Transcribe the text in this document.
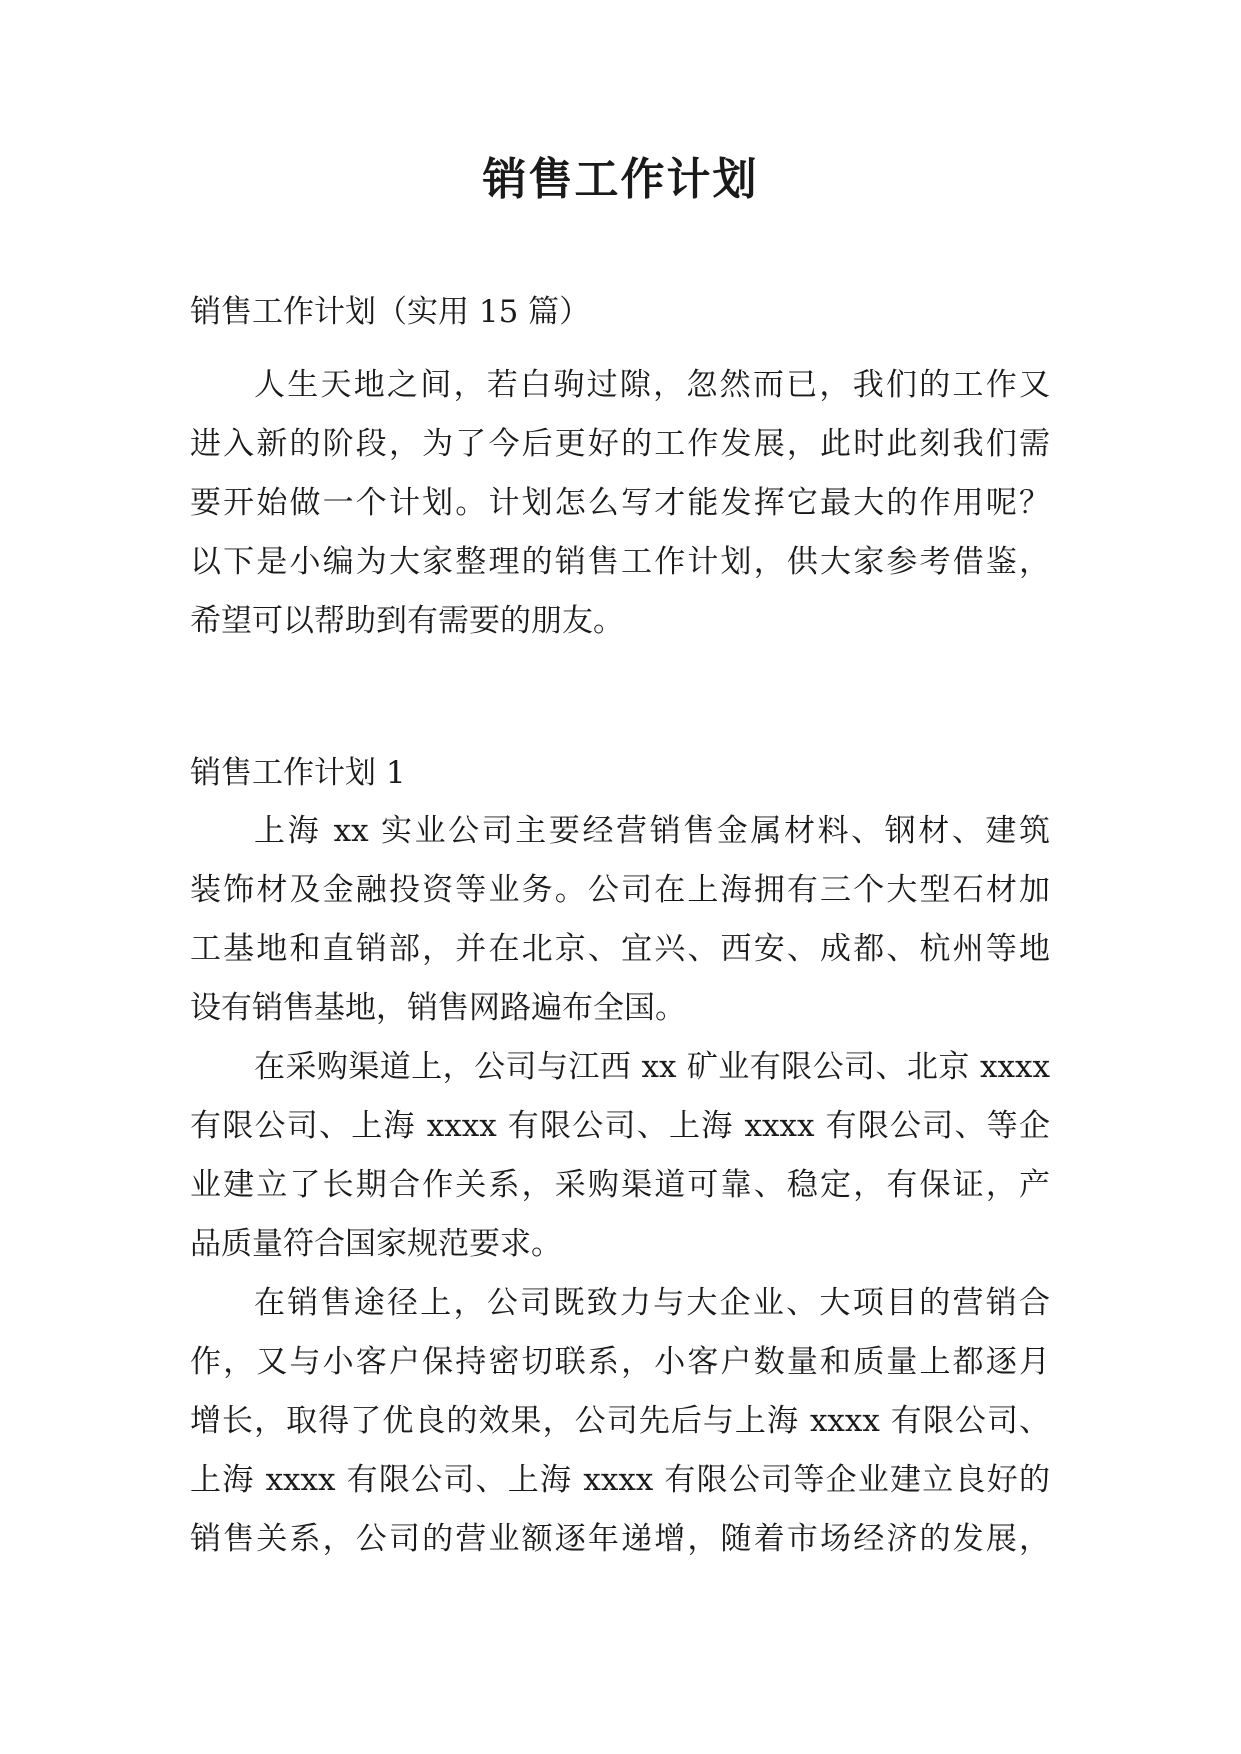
销售工作计划

销售工作计划（实用 15 篇）

人生天地之间，若白驹过隙，忽然而已，我们的工作又

进入新的阶段，为了今后更好的工作发展，此时此刻我们需

要开始做一个计划。计划怎么写才能发挥它最大的作用呢？

以下是小编为大家整理的销售工作计划，供大家参考借鉴，

希望可以帮助到有需要的朋友。

销售工作计划 1

上海 xx 实业公司主要经营销售金属材料、钢材、建筑

装饰材及金融投资等业务。公司在上海拥有三个大型石材加

工基地和直销部，并在北京、宜兴、西安、成都、杭州等地

设有销售基地，销售网路遍布全国。

在采购渠道上，公司与江西 xx 矿业有限公司、北京 xxxx

有限公司、上海 xxxx 有限公司、上海 xxxx 有限公司、等企

业建立了长期合作关系，采购渠道可靠、稳定，有保证，产

品质量符合国家规范要求。

在销售途径上，公司既致力与大企业、大项目的营销合

作，又与小客户保持密切联系，小客户数量和质量上都逐月

增长，取得了优良的效果，公司先后与上海 xxxx 有限公司、

上海 xxxx 有限公司、上海 xxxx 有限公司等企业建立良好的

销售关系，公司的营业额逐年递增，随着市场经济的发展，
